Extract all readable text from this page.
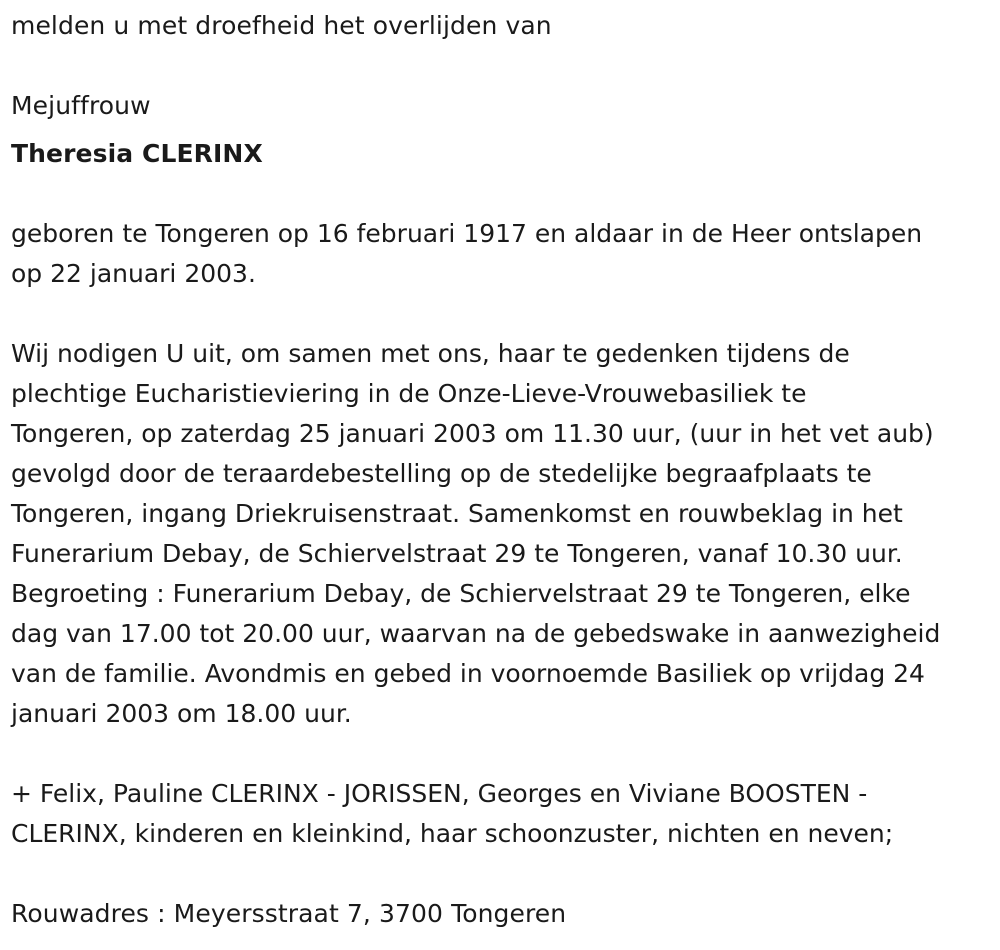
melden u met droefheid het overlijden van

Mejuffrouw

Theresia CLERINX

geboren te Tongeren op 16 februari 1917 en aldaar in de Heer ontslapen
op 22 januari 2003.

Wij nodigen U uit, om samen met ons, haar te gedenken tijdens de
plechtige Eucharistieviering in de Onze-Lieve-Vrouwebasiliek te
Tongeren, op zaterdag 25 januari 2003 om 11.30 uur, (uur in het vet aub)
gevolgd door de teraardebestelling op de stedelijke begraafplaats te
Tongeren, ingang Driekruisenstraat. Samenkomst en rouwbeklag in het
Funerarium Debay, de Schiervelstraat 29 te Tongeren, vanaf 10.30 uur.
Begroeting : Funerarium Debay, de Schiervelstraat 29 te Tongeren, elke
dag van 17.00 tot 20.00 uur, waarvan na de gebedswake in aanwezigheid
van de familie. Avondmis en gebed in voornoemde Basiliek op vrijdag 24
januari 2003 om 18.00 uur.

+ Felix, Pauline CLERINX - JORISSEN, Georges en Viviane BOOSTEN -
CLERINX, kinderen en kleinkind, haar schoonzuster, nichten en neven;

Rouwadres : Meyersstraat 7, 3700 Tongeren
